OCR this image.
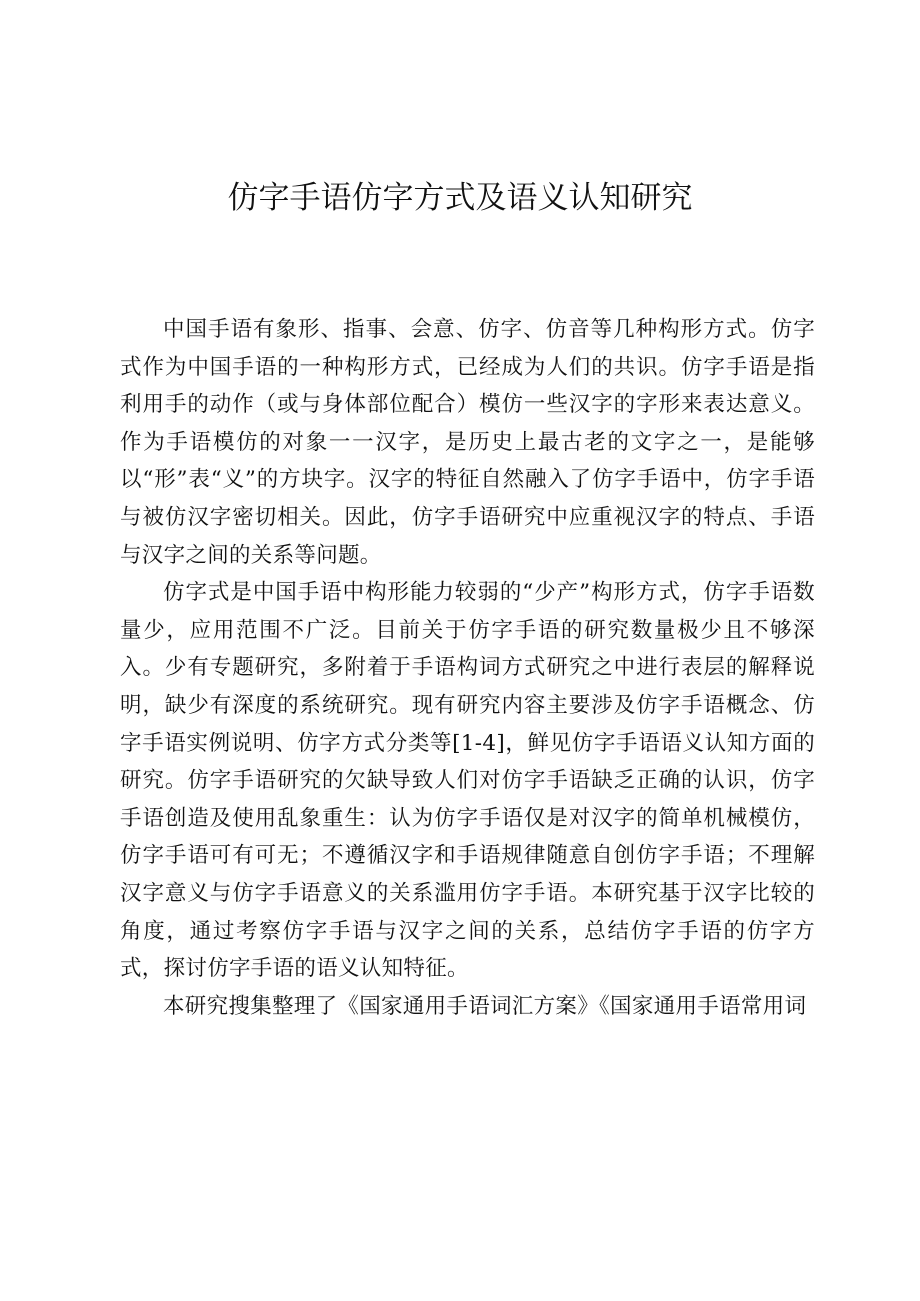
仿字手语仿字方式及语义认知研究

中国手语有象形、指事、会意、仿字、仿音等几种构形方式。仿字式作为中国手语的一种构形方式，已经成为人们的共识。仿字手语是指利用手的动作（或与身体部位配合）模仿一些汉字的字形来表达意义。作为手语模仿的对象一一汉字，是历史上最古老的文字之一，是能够以“形”表“义”的方块字。汉字的特征自然融入了仿字手语中，仿字手语与被仿汉字密切相关。因此，仿字手语研究中应重视汉字的特点、手语与汉字之间的关系等问题。

仿字式是中国手语中构形能力较弱的“少产”构形方式，仿字手语数量少，应用范围不广泛。目前关于仿字手语的研究数量极少且不够深入。少有专题研究，多附着于手语构词方式研究之中进行表层的解释说明，缺少有深度的系统研究。现有研究内容主要涉及仿字手语概念、仿字手语实例说明、仿字方式分类等[1-4]，鲜见仿字手语语义认知方面的研究。仿字手语研究的欠缺导致人们对仿字手语缺乏正确的认识，仿字手语创造及使用乱象重生：认为仿字手语仅是对汉字的简单机械模仿，仿字手语可有可无；不遵循汉字和手语规律随意自创仿字手语；不理解汉字意义与仿字手语意义的关系滥用仿字手语。本研究基于汉字比较的角度，通过考察仿字手语与汉字之间的关系，总结仿字手语的仿字方式，探讨仿字手语的语义认知特征。

本研究搜集整理了《国家通用手语词汇方案》《国家通用手语常用词
